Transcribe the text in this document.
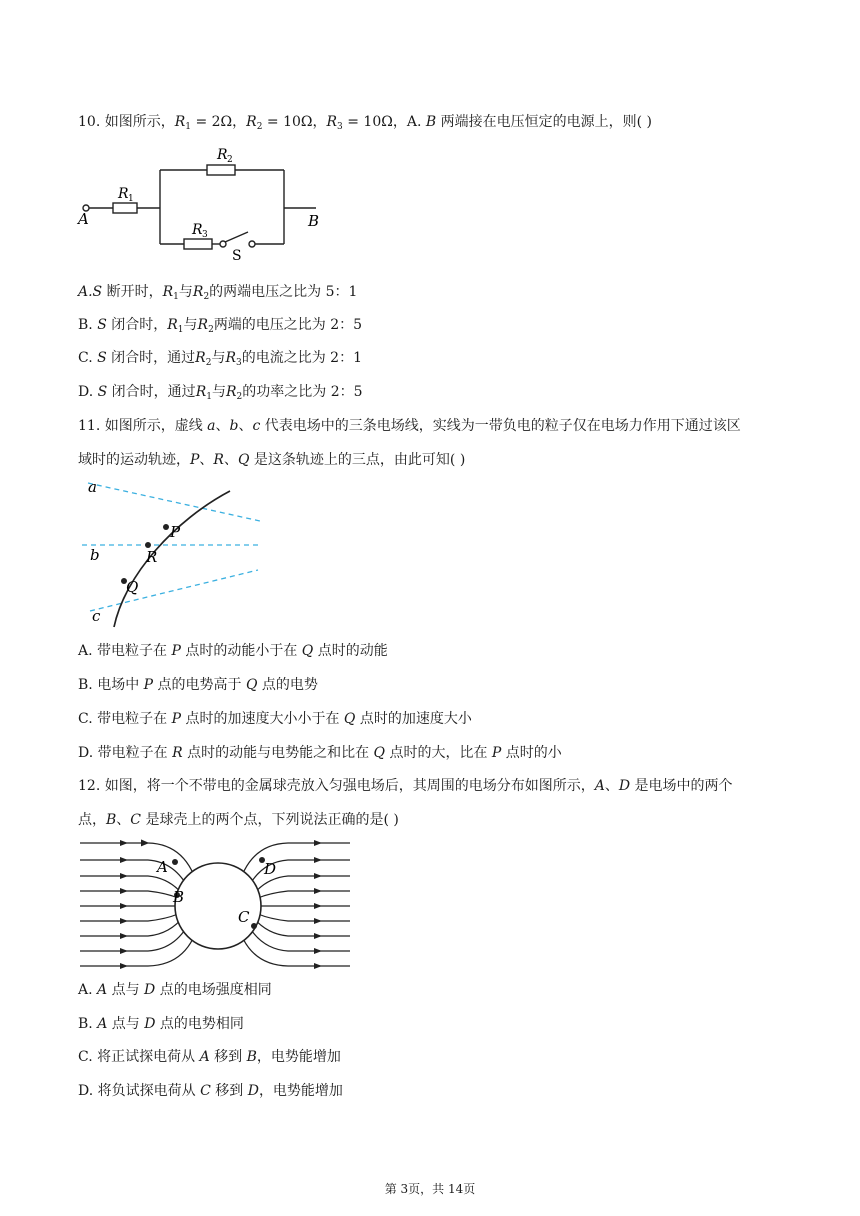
10. 如图所示，$R_1 = 2\Omega$，$R_2 = 10\Omega$，$R_3 = 10\Omega$，A. B 两端接在电压恒定的电源上，则( )
A	B
R 1
R 2
R 3
S
A.S 断开时，$R_1$与$R_2$的两端电压之比为 5：1
B. S 闭合时，$R_1$与$R_2$两端的电压之比为 2：5
C. S 闭合时，通过$R_2$与$R_3$的电流之比为 2：1
D. S 闭合时，通过$R_1$与$R_2$的功率之比为 2：5
11. 如图所示，虚线 a、b、c 代表电场中的三条电场线，实线为一带负电的粒子仅在电场力作用下通过该区
域时的运动轨迹，P、R、Q 是这条轨迹上的三点，由此可知( )
a
b
c
P
R
Q
A. 带电粒子在 P 点时的动能小于在 Q 点时的动能
B. 电场中 P 点的电势高于 Q 点的电势
C. 带电粒子在 P 点时的加速度大小小于在 Q 点时的加速度大小
D. 带电粒子在 R 点时的动能与电势能之和比在 Q 点时的大，比在 P 点时的小
12. 如图，将一个不带电的金属球壳放入匀强电场后，其周围的电场分布如图所示，A、D 是电场中的两个
点，B、C 是球壳上的两个点，下列说法正确的是( )
A
B
C
D
A. A 点与 D 点的电场强度相同
B. A 点与 D 点的电势相同
C. 将正试探电荷从 A 移到 B，电势能增加
D. 将负试探电荷从 C 移到 D，电势能增加
第 3页，共 14页
